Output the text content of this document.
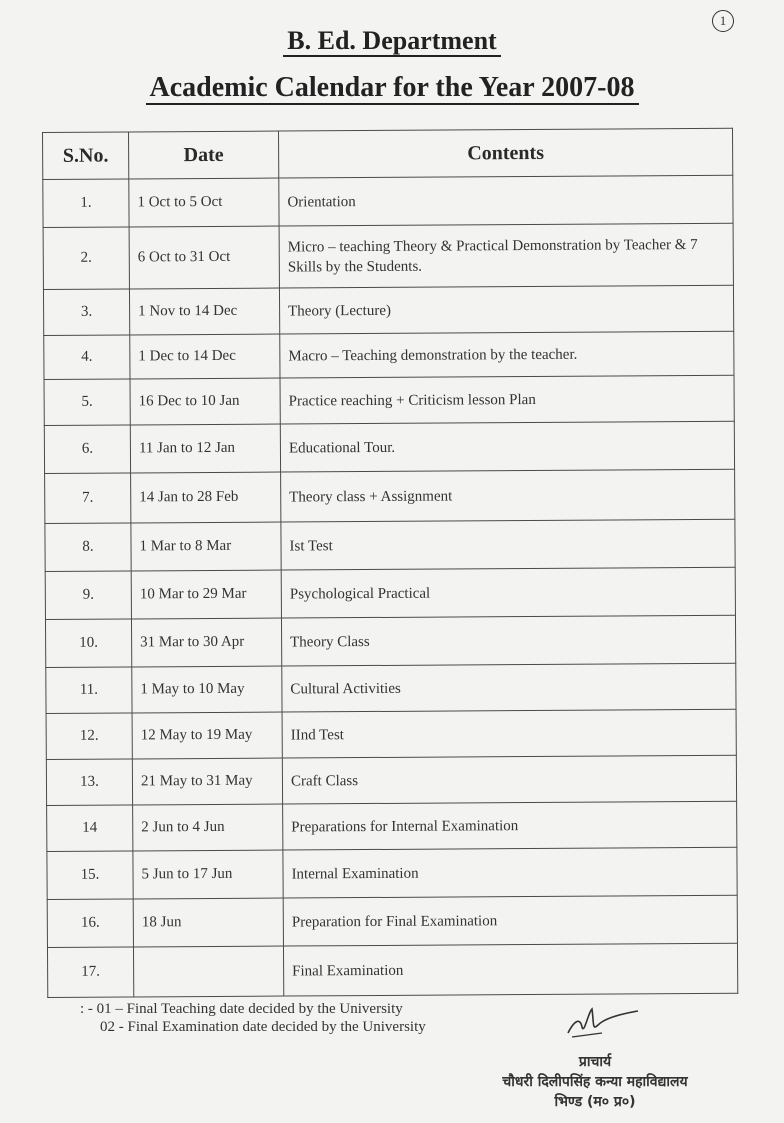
1
B. Ed. Department
Academic Calendar for the Year 2007-08
S.No.	Date	Contents
1.	1 Oct to 5 Oct	Orientation
2.	6 Oct to 31 Oct	Micro – teaching Theory & Practical Demonstration by Teacher & 7 Skills by the Students.
3.	1 Nov to 14 Dec	Theory (Lecture)
4.	1 Dec to 14 Dec	Macro – Teaching demonstration by the teacher.
5.	16 Dec to 10 Jan	Practice reaching + Criticism lesson Plan
6.	11 Jan to 12 Jan	Educational Tour.
7.	14 Jan to 28 Feb	Theory class + Assignment
8.	1 Mar to 8 Mar	Ist Test
9.	10 Mar to 29 Mar	Psychological Practical
10.	31 Mar to 30 Apr	Theory Class
11.	1 May to 10 May	Cultural Activities
12.	12 May to 19 May	IInd Test
13.	21 May to 31 May	Craft Class
14	2 Jun to 4 Jun	Preparations for Internal Examination
15.	5 Jun to 17 Jun	Internal Examination
16.	18 Jun	Preparation for Final Examination
17.		Final Examination
: - 01 – Final Teaching date decided by the University
02 - Final Examination date decided by the University
प्राचार्य
चौधरी दिलीपसिंह कन्या महाविद्यालय
भिण्ड (म० प्र०)
